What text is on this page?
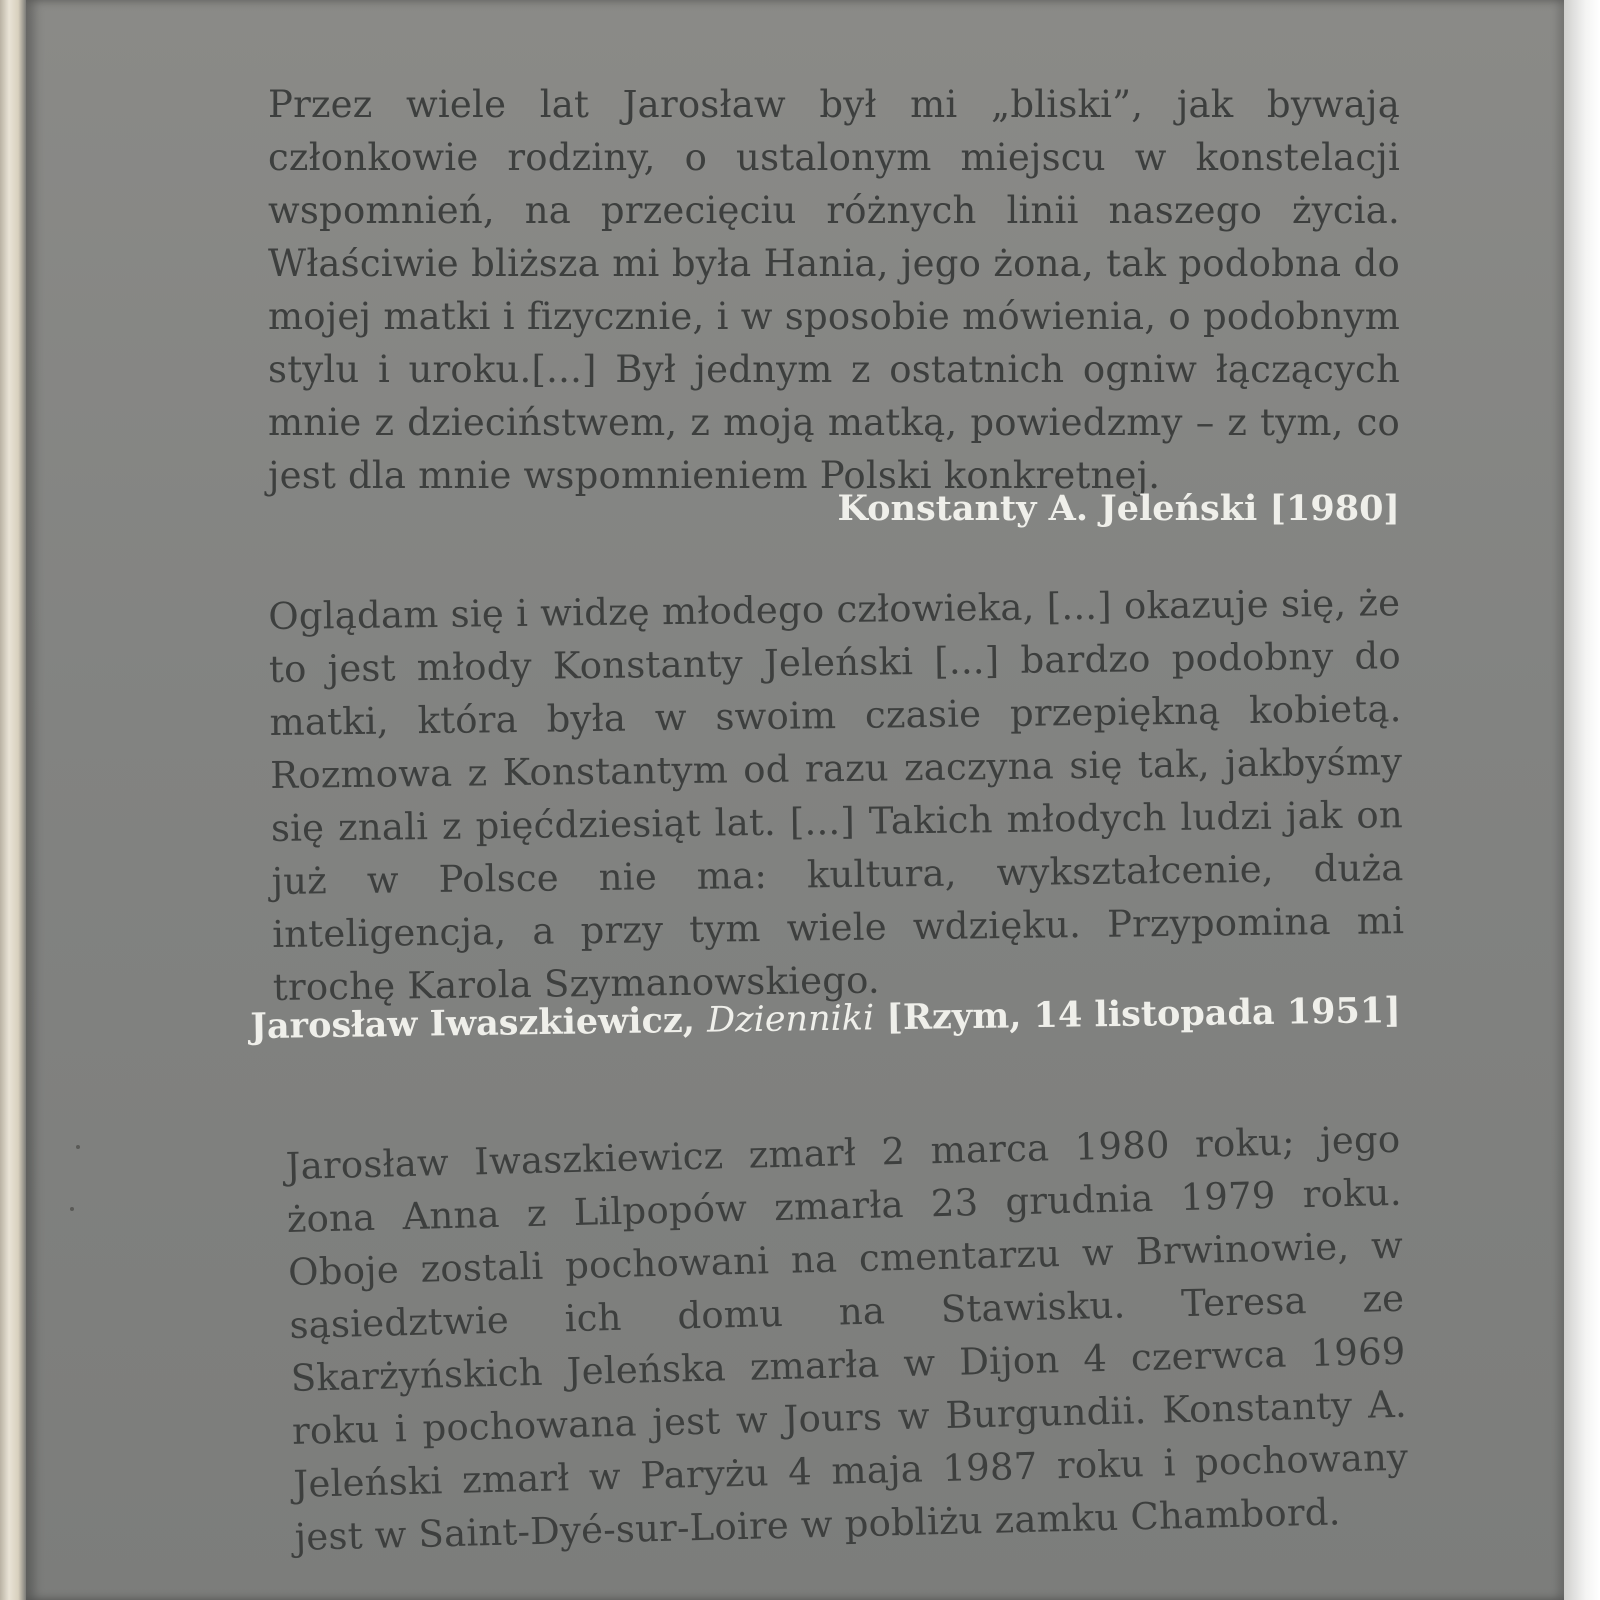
Przez wiele lat Jarosław był mi „bliski”, jak bywają członkowie rodziny, o ustalonym miejscu w konstelacji wspomnień, na przecięciu różnych linii naszego życia. Właściwie bliższa mi była Hania, jego żona, tak podobna do mojej matki i fizycznie, i w sposobie mówienia, o podobnym stylu i uroku.[...] Był jednym z ostatnich ogniw łączących mnie z dzieciństwem, z moją matką, powiedzmy – z tym, co jest dla mnie wspomnieniem Polski konkretnej.

Konstanty A. Jeleński [1980]

Oglądam się i widzę młodego człowieka, [...] okazuje się, że to jest młody Konstanty Jeleński [...] bardzo podobny do matki, która była w swoim czasie przepiękną kobietą. Rozmowa z Konstantym od razu zaczyna się tak, jakbyśmy się znali z pięćdziesiąt lat. [...] Takich młodych ludzi jak on już w Polsce nie ma: kultura, wykształcenie, duża inteligencja, a przy tym wiele wdzięku. Przypomina mi trochę Karola Szymanowskiego.

Jarosław Iwaszkiewicz, Dzienniki [Rzym, 14 listopada 1951]

Jarosław Iwaszkiewicz zmarł 2 marca 1980 roku; jego żona Anna z Lilpopów zmarła 23 grudnia 1979 roku. Oboje zostali pochowani na cmentarzu w Brwinowie, w sąsiedztwie ich domu na Stawisku. Teresa ze Skarżyńskich Jeleńska zmarła w Dijon 4 czerwca 1969 roku i pochowana jest w Jours w Burgundii. Konstanty A. Jeleński zmarł w Paryżu 4 maja 1987 roku i pochowany jest w Saint-Dyé-sur-Loire w pobliżu zamku Chambord.
